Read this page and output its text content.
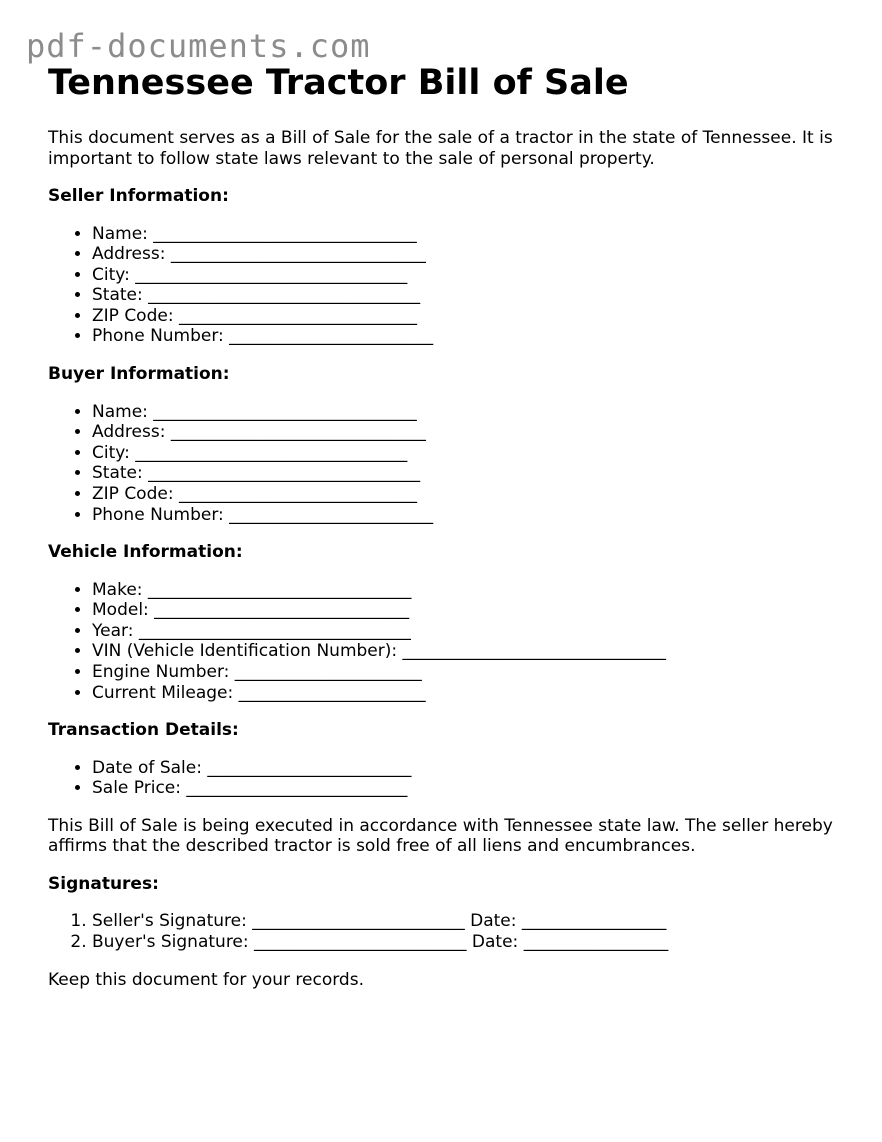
pdf-documents.com
Tennessee Tractor Bill of Sale

This document serves as a Bill of Sale for the sale of a tractor in the state of Tennessee. It is important to follow state laws relevant to the sale of personal property.

Seller Information:
• Name: _______________________________
• Address: ______________________________
• City: ________________________________
• State: ________________________________
• ZIP Code: ____________________________
• Phone Number: ________________________
Buyer Information:
• Name: _______________________________
• Address: ______________________________
• City: ________________________________
• State: ________________________________
• ZIP Code: ____________________________
• Phone Number: ________________________
Vehicle Information:
• Make: _______________________________
• Model: ______________________________
• Year: ________________________________
• VIN (Vehicle Identification Number): _______________________________
• Engine Number: ______________________
• Current Mileage: ______________________
Transaction Details:
• Date of Sale: ________________________
• Sale Price: __________________________

This Bill of Sale is being executed in accordance with Tennessee state law. The seller hereby affirms that the described tractor is sold free of all liens and encumbrances.

Signatures:
1. Seller's Signature: _________________________ Date: _________________
2. Buyer's Signature: _________________________ Date: _________________

Keep this document for your records.
